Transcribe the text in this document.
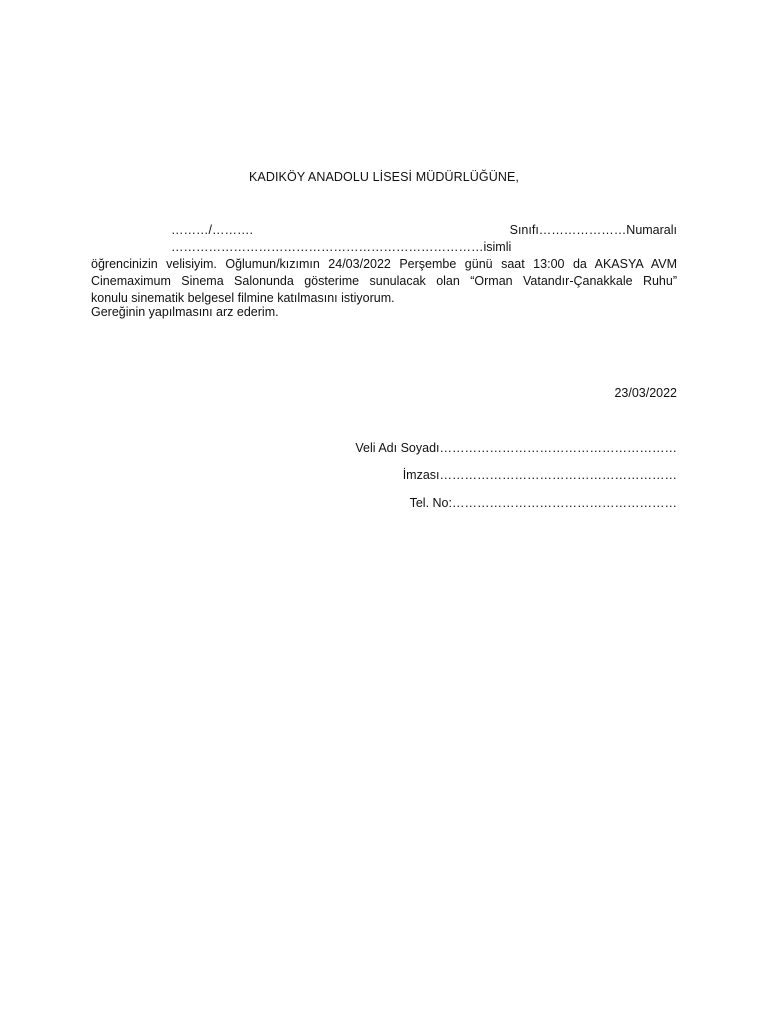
KADIKÖY ANADOLU LİSESİ MÜDÜRLÜĞÜNE,
………/………. Sınıfı…………………Numaralı …………………………………………………………………isimli
öğrencinizin velisiyim. Oğlumun/kızımın 24/03/2022 Perşembe günü saat 13:00 da AKASYA AVM
Cinemaximum Sinema Salonunda gösterime sunulacak olan “Orman Vatandır-Çanakkale Ruhu”
konulu sinematik belgesel filmine katılmasını istiyorum.
Gereğinin yapılmasını arz ederim.
23/03/2022
Veli Adı Soyadı…………………………………………………
İmzası…………………………………………………
Tel. No:………………………………………………
